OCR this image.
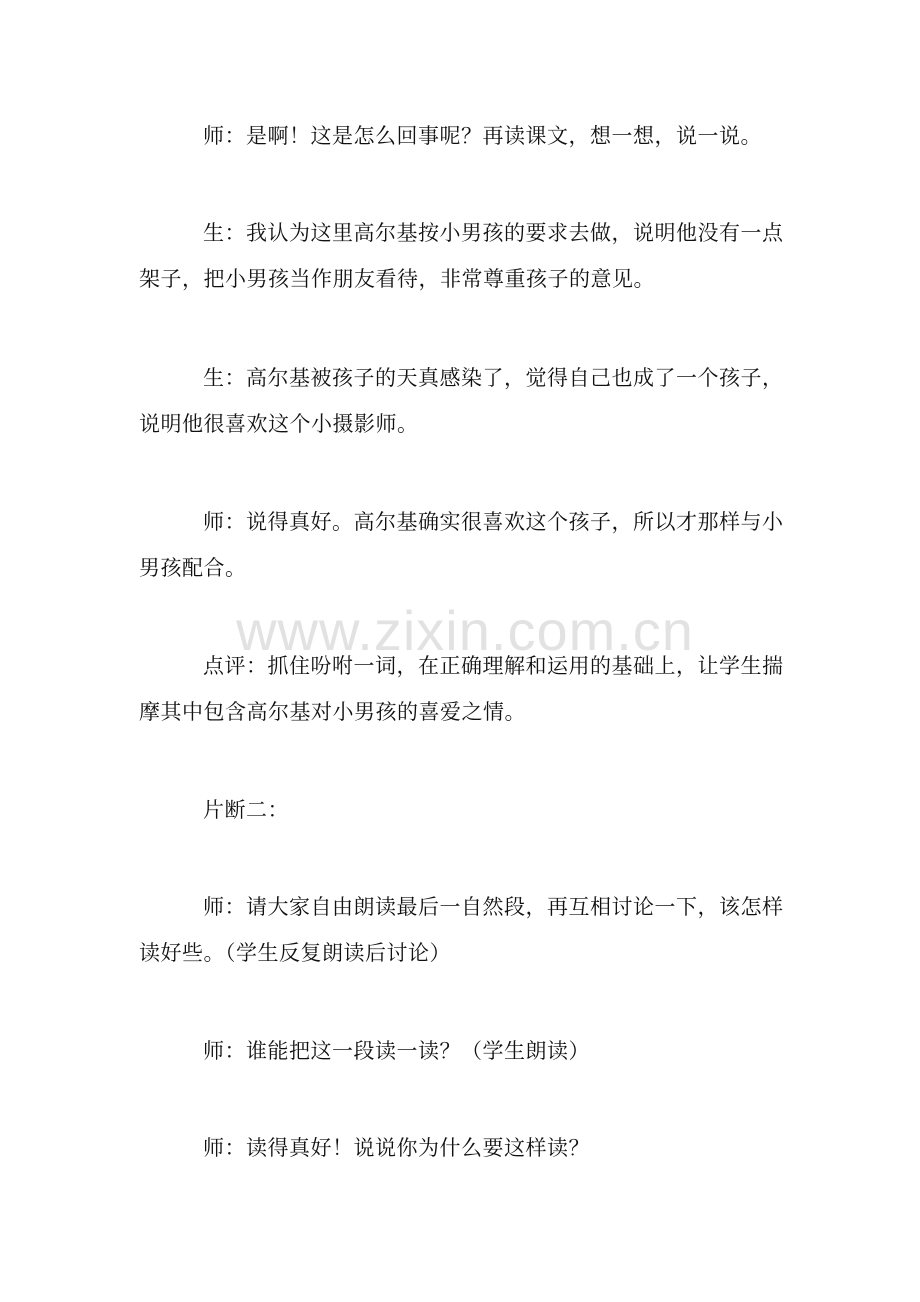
师：是啊！这是怎么回事呢？再读课文，想一想，说一说。

生：我认为这里高尔基按小男孩的要求去做，说明他没有一点架子，把小男孩当作朋友看待，非常尊重孩子的意见。

生：高尔基被孩子的天真感染了，觉得自己也成了一个孩子，说明他很喜欢这个小摄影师。

师：说得真好。高尔基确实很喜欢这个孩子，所以才那样与小男孩配合。

点评：抓住吩咐一词，在正确理解和运用的基础上，让学生揣摩其中包含高尔基对小男孩的喜爱之情。

片断二：

师：请大家自由朗读最后一自然段，再互相讨论一下，该怎样读好些。（学生反复朗读后讨论）

师：谁能把这一段读一读？（学生朗读）

师：读得真好！说说你为什么要这样读？

www.zixin.com.cn
